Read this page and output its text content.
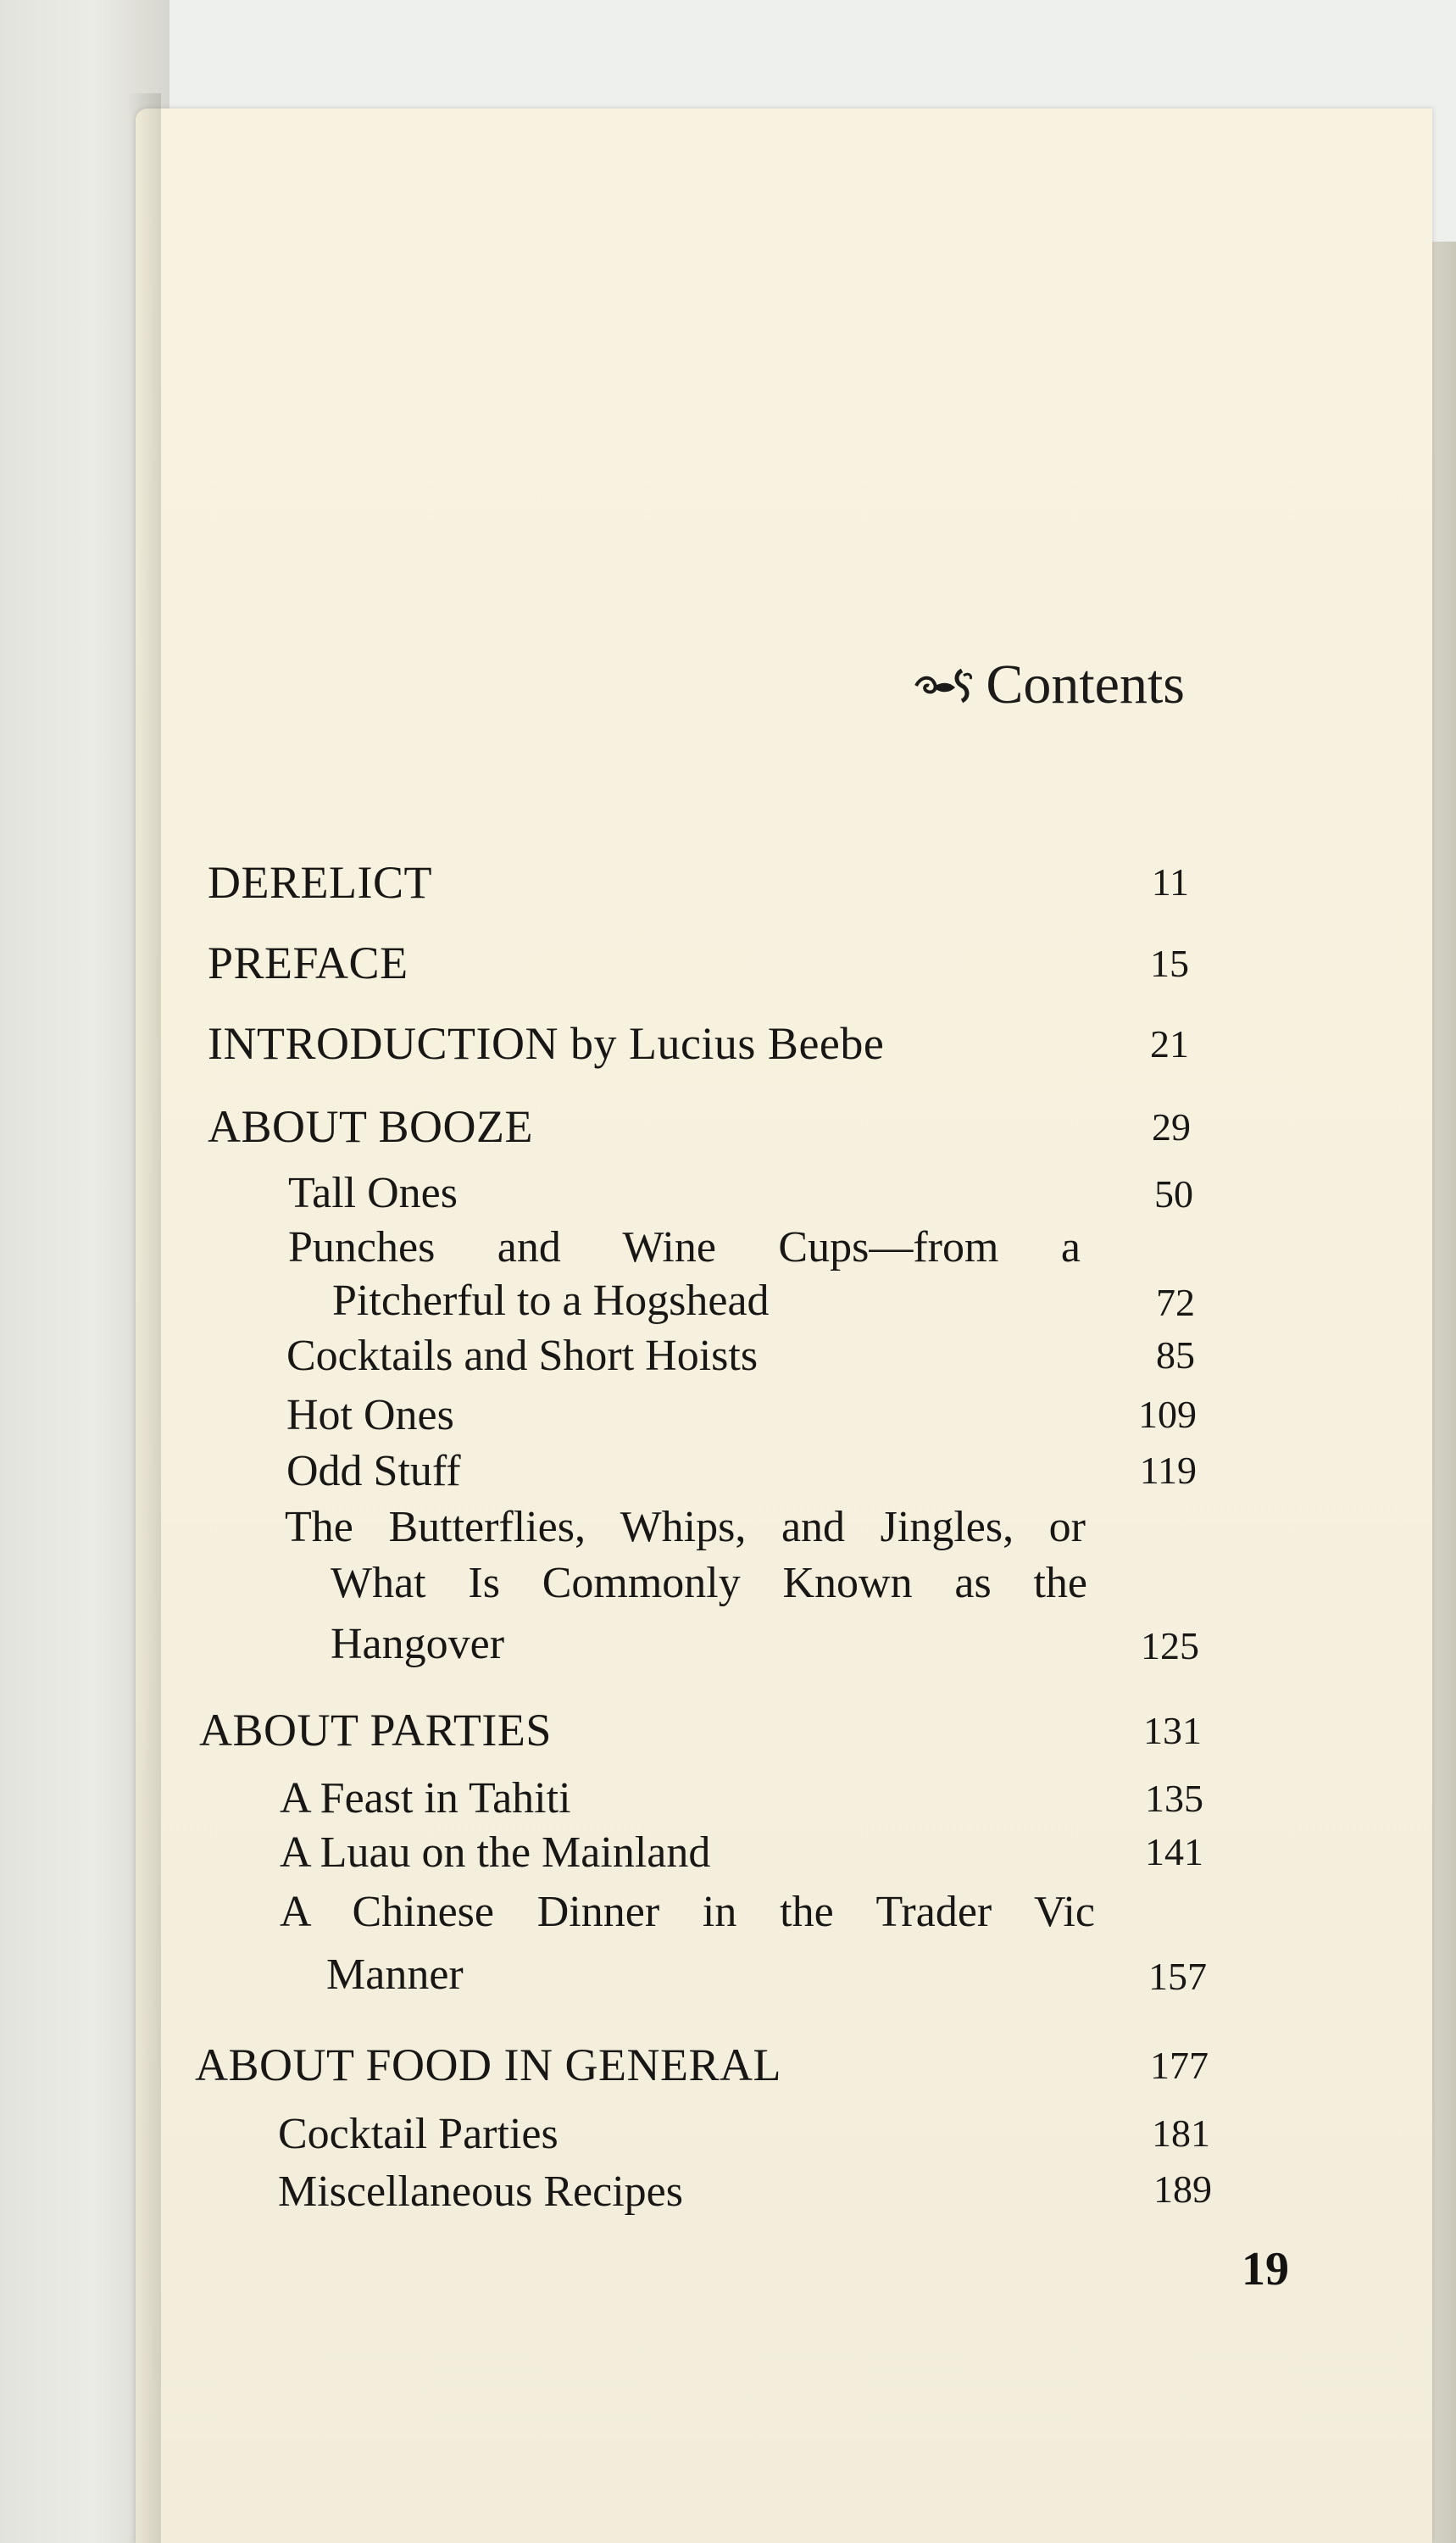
Contents
DERELICT	11
PREFACE	15
INTRODUCTION by Lucius Beebe	21
ABOUT BOOZE	29
Tall Ones	50
Punches and Wine Cups—from a
Pitcherful to a Hogshead	72
Cocktails and Short Hoists	85
Hot Ones	109
Odd Stuff	119
The Butterflies, Whips, and Jingles, or
What Is Commonly Known as the
Hangover	125
ABOUT PARTIES	131
A Feast in Tahiti	135
A Luau on the Mainland	141
A Chinese Dinner in the Trader Vic
Manner	157
ABOUT FOOD IN GENERAL	177
Cocktail Parties	181
Miscellaneous Recipes	189
19
